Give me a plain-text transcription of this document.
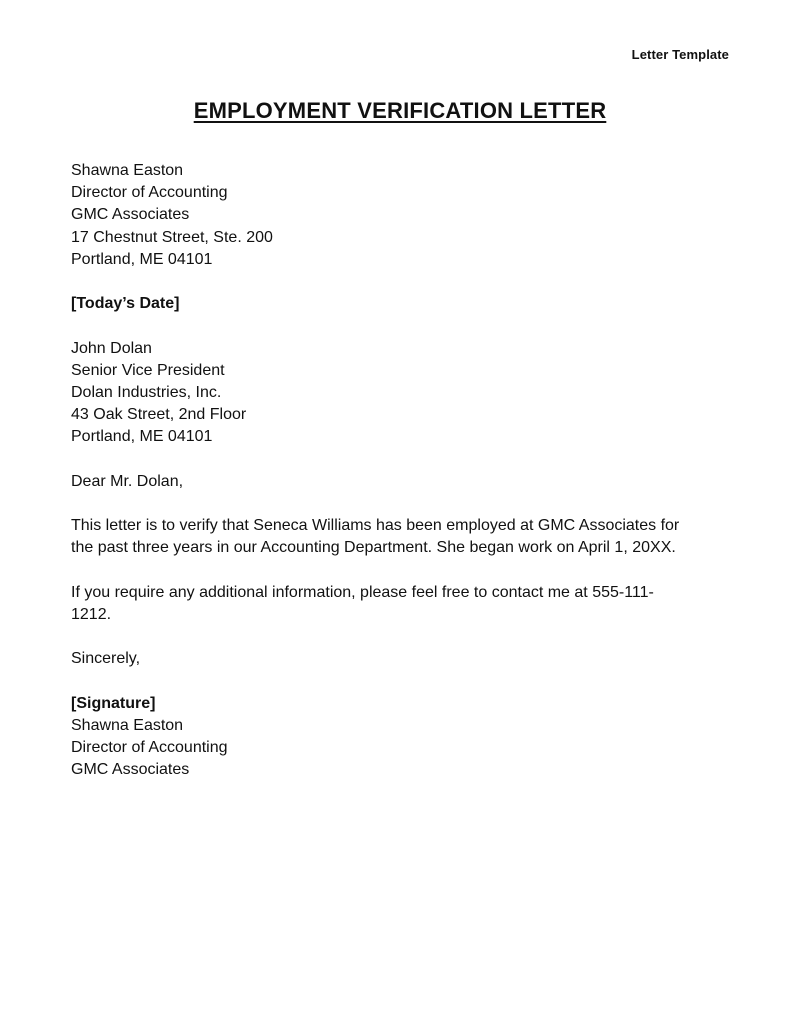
Letter Template
EMPLOYMENT VERIFICATION LETTER
Shawna Easton
Director of Accounting
GMC Associates
17 Chestnut Street, Ste. 200
Portland, ME 04101
[Today’s Date]
John Dolan
Senior Vice President
Dolan Industries, Inc.
43 Oak Street, 2nd Floor
Portland, ME 04101
Dear Mr. Dolan,
This letter is to verify that Seneca Williams has been employed at GMC Associates for
the past three years in our Accounting Department. She began work on April 1, 20XX.
If you require any additional information, please feel free to contact me at 555-111-
1212.
Sincerely,
[Signature]
Shawna Easton
Director of Accounting
GMC Associates
